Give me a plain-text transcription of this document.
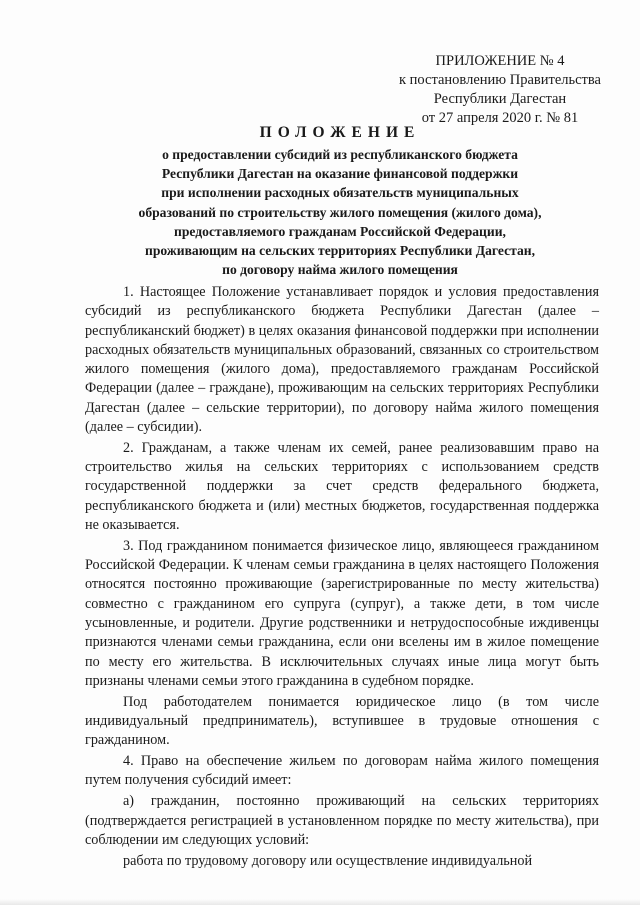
ПРИЛОЖЕНИЕ № 4
к постановлению Правительства
Республики Дагестан
от 27 апреля 2020 г. № 81
ПОЛОЖЕНИЕ
о предоставлении субсидий из республиканского бюджета
Республики Дагестан на оказание финансовой поддержки
при исполнении расходных обязательств муниципальных
образований по строительству жилого помещения (жилого дома),
предоставляемого гражданам Российской Федерации,
проживающим на сельских территориях Республики Дагестан,
по договору найма жилого помещения

1. Настоящее Положение устанавливает порядок и условия предоставления субсидий из республиканского бюджета Республики Дагестан (далее – республиканский бюджет) в целях оказания финансовой поддержки при исполнении расходных обязательств муниципальных образований, связанных со строительством жилого помещения (жилого дома), предоставляемого гражданам Российской Федерации (далее – граждане), проживающим на сельских территориях Республики Дагестан (далее – сельские территории), по договору найма жилого помещения (далее – субсидии).

2. Гражданам, а также членам их семей, ранее реализовавшим право на строительство жилья на сельских территориях с использованием средств государственной поддержки за счет средств федерального бюджета, республиканского бюджета и (или) местных бюджетов, государственная поддержка не оказывается.

3. Под гражданином понимается физическое лицо, являющееся гражданином Российской Федерации. К членам семьи гражданина в целях настоящего Положения относятся постоянно проживающие (зарегистрированные по месту жительства) совместно с гражданином его супруга (супруг), а также дети, в том числе усыновленные, и родители. Другие родственники и нетрудоспособные иждивенцы признаются членами семьи гражданина, если они вселены им в жилое помещение по месту его жительства. В исключительных случаях иные лица могут быть признаны членами семьи этого гражданина в судебном порядке.

Под работодателем понимается юридическое лицо (в том числе индивидуальный предприниматель), вступившее в трудовые отношения с гражданином.

4. Право на обеспечение жильем по договорам найма жилого помещения путем получения субсидий имеет:

а) гражданин, постоянно проживающий на сельских территориях (подтверждается регистрацией в установленном порядке по месту жительства), при соблюдении им следующих условий:

работа по трудовому договору или осуществление индивидуальной
